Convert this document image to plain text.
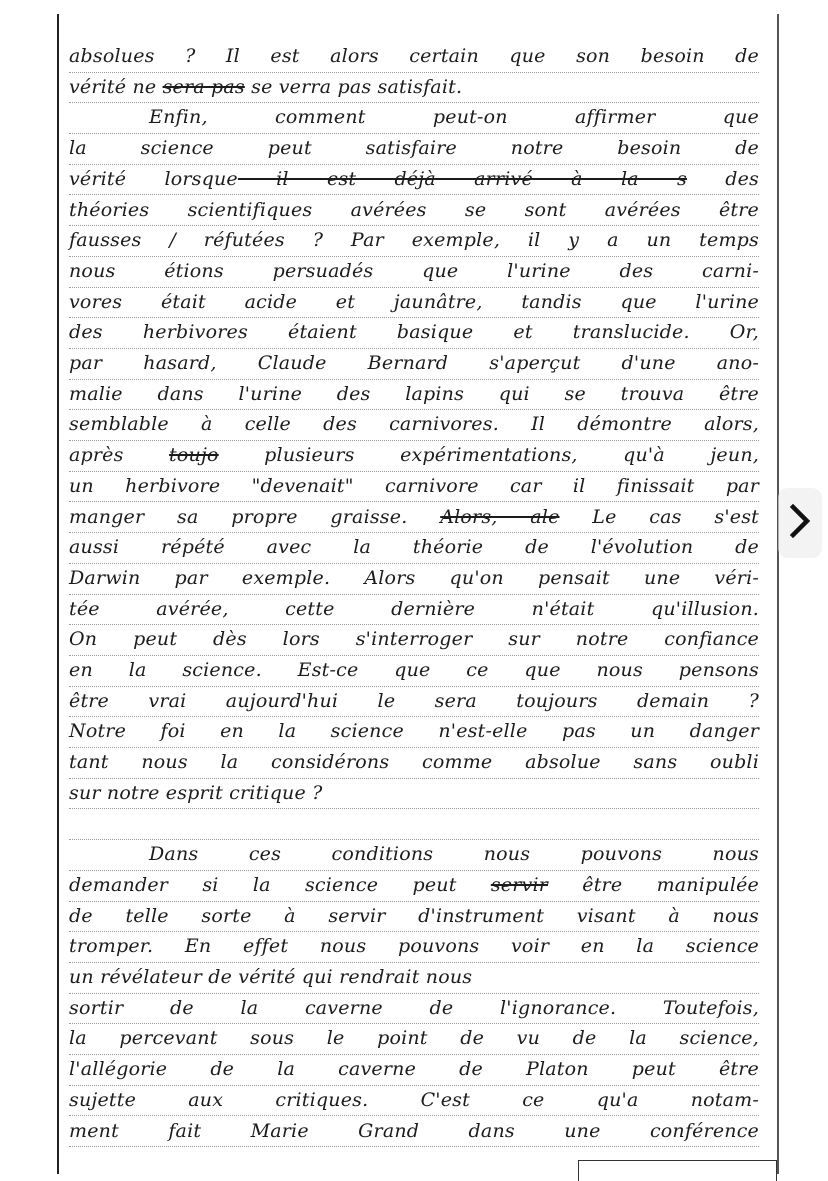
absolues ? Il est alors certain que son besoin de
vérité ne sera pas se verra pas satisfait.
Enfin, comment peut-on affirmer que
la science peut satisfaire notre besoin de
vérité lorsque il est déjà arrivé à la s des
théories scientifiques avérées se sont avérées être
fausses / réfutées ? Par exemple, il y a un temps
nous étions persuadés que l'urine des carni-
vores était acide et jaunâtre, tandis que l'urine
des herbivores étaient basique et translucide. Or,
par hasard, Claude Bernard s'aperçut d'une ano-
malie dans l'urine des lapins qui se trouva être
semblable à celle des carnivores. Il démontre alors,
après toujo plusieurs expérimentations, qu'à jeun,
un herbivore "devenait" carnivore car il finissait par
manger sa propre graisse. Alors, ale Le cas s'est
aussi répété avec la théorie de l'évolution de
Darwin par exemple. Alors qu'on pensait une véri-
tée avérée, cette dernière n'était qu'illusion.
On peut dès lors s'interroger sur notre confiance
en la science. Est-ce que ce que nous pensons
être vrai aujourd'hui le sera toujours demain ?
Notre foi en la science n'est-elle pas un danger
tant nous la considérons comme absolue sans oubli
sur notre esprit critique ?
Dans ces conditions nous pouvons nous
demander si la science peut servir être manipulée
de telle sorte à servir d'instrument visant à nous
tromper. En effet nous pouvons voir en la science
un révélateur de vérité qui rendrait nous
sortir de la caverne de l'ignorance. Toutefois,
la percevant sous le point de vu de la science,
l'allégorie de la caverne de Platon peut être
sujette aux critiques. C'est ce qu'a notam-
ment fait Marie Grand dans une conférence
